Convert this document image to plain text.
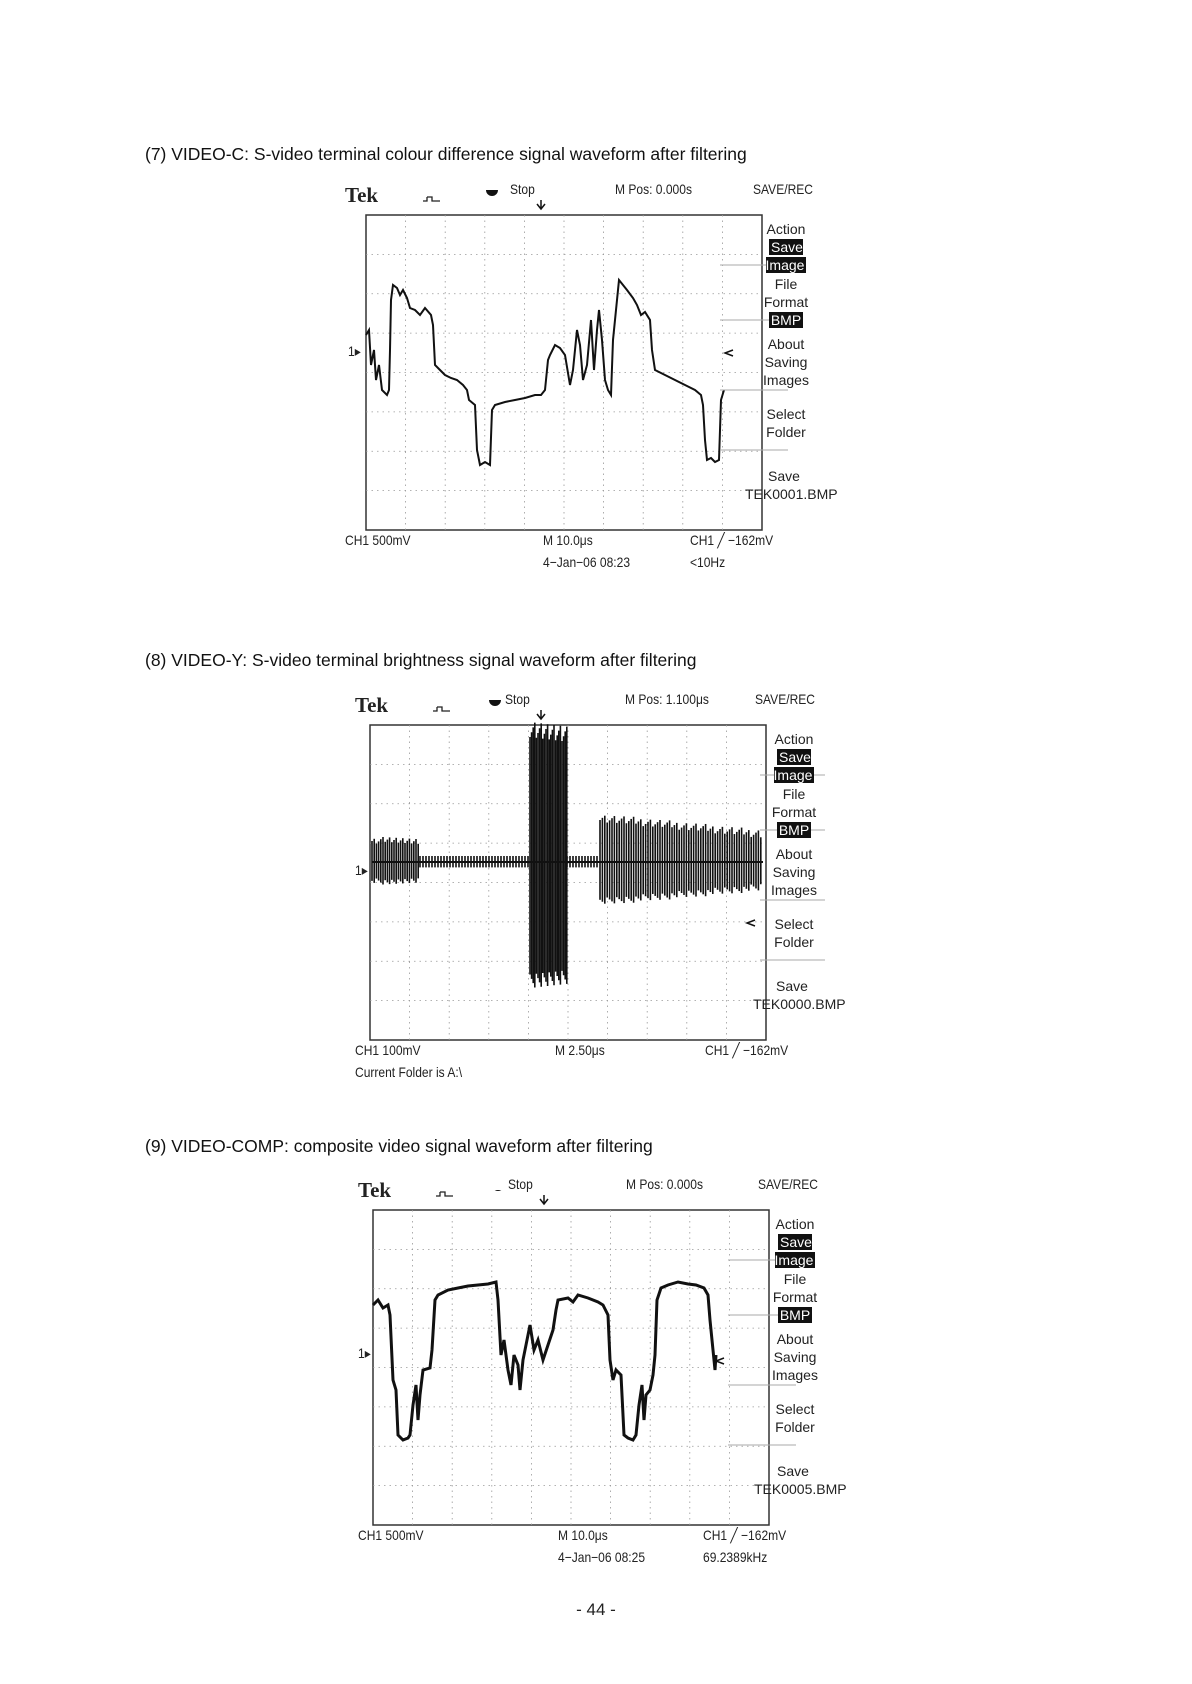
(7) VIDEO-C: S-video terminal colour difference signal waveform after filtering
(8) VIDEO-Y: S-video terminal brightness signal waveform after filtering
(9) VIDEO-COMP: composite video signal waveform after filtering
Tek	Stop	M Pos: 0.000s	SAVE/REC
1▸
Action
Save Image
File
Format
BMP
About
Saving
Images
Select
Folder
Save
TEK0001.BMP
CH1 500mV	M 10.0μs	CH1 ╱ −162mV
4−Jan−06 08:23	<10Hz
Tek	Stop	M Pos: 1.100μs	SAVE/REC
1▸
Action
Save Image
File
Format
BMP
About
Saving
Images
Select
Folder
Save
TEK0000.BMP
CH1 100mV	M 2.50μs	CH1 ╱ −162mV
Current Folder is A:\
Tek	Stop	M Pos: 0.000s	SAVE/REC
1▸
Action
Save Image
File
Format
BMP
About
Saving
Images
Select
Folder
Save
TEK0005.BMP
CH1 500mV	M 10.0μs	CH1 ╱ −162mV
4−Jan−06 08:25	69.2389kHz
- 44 -
